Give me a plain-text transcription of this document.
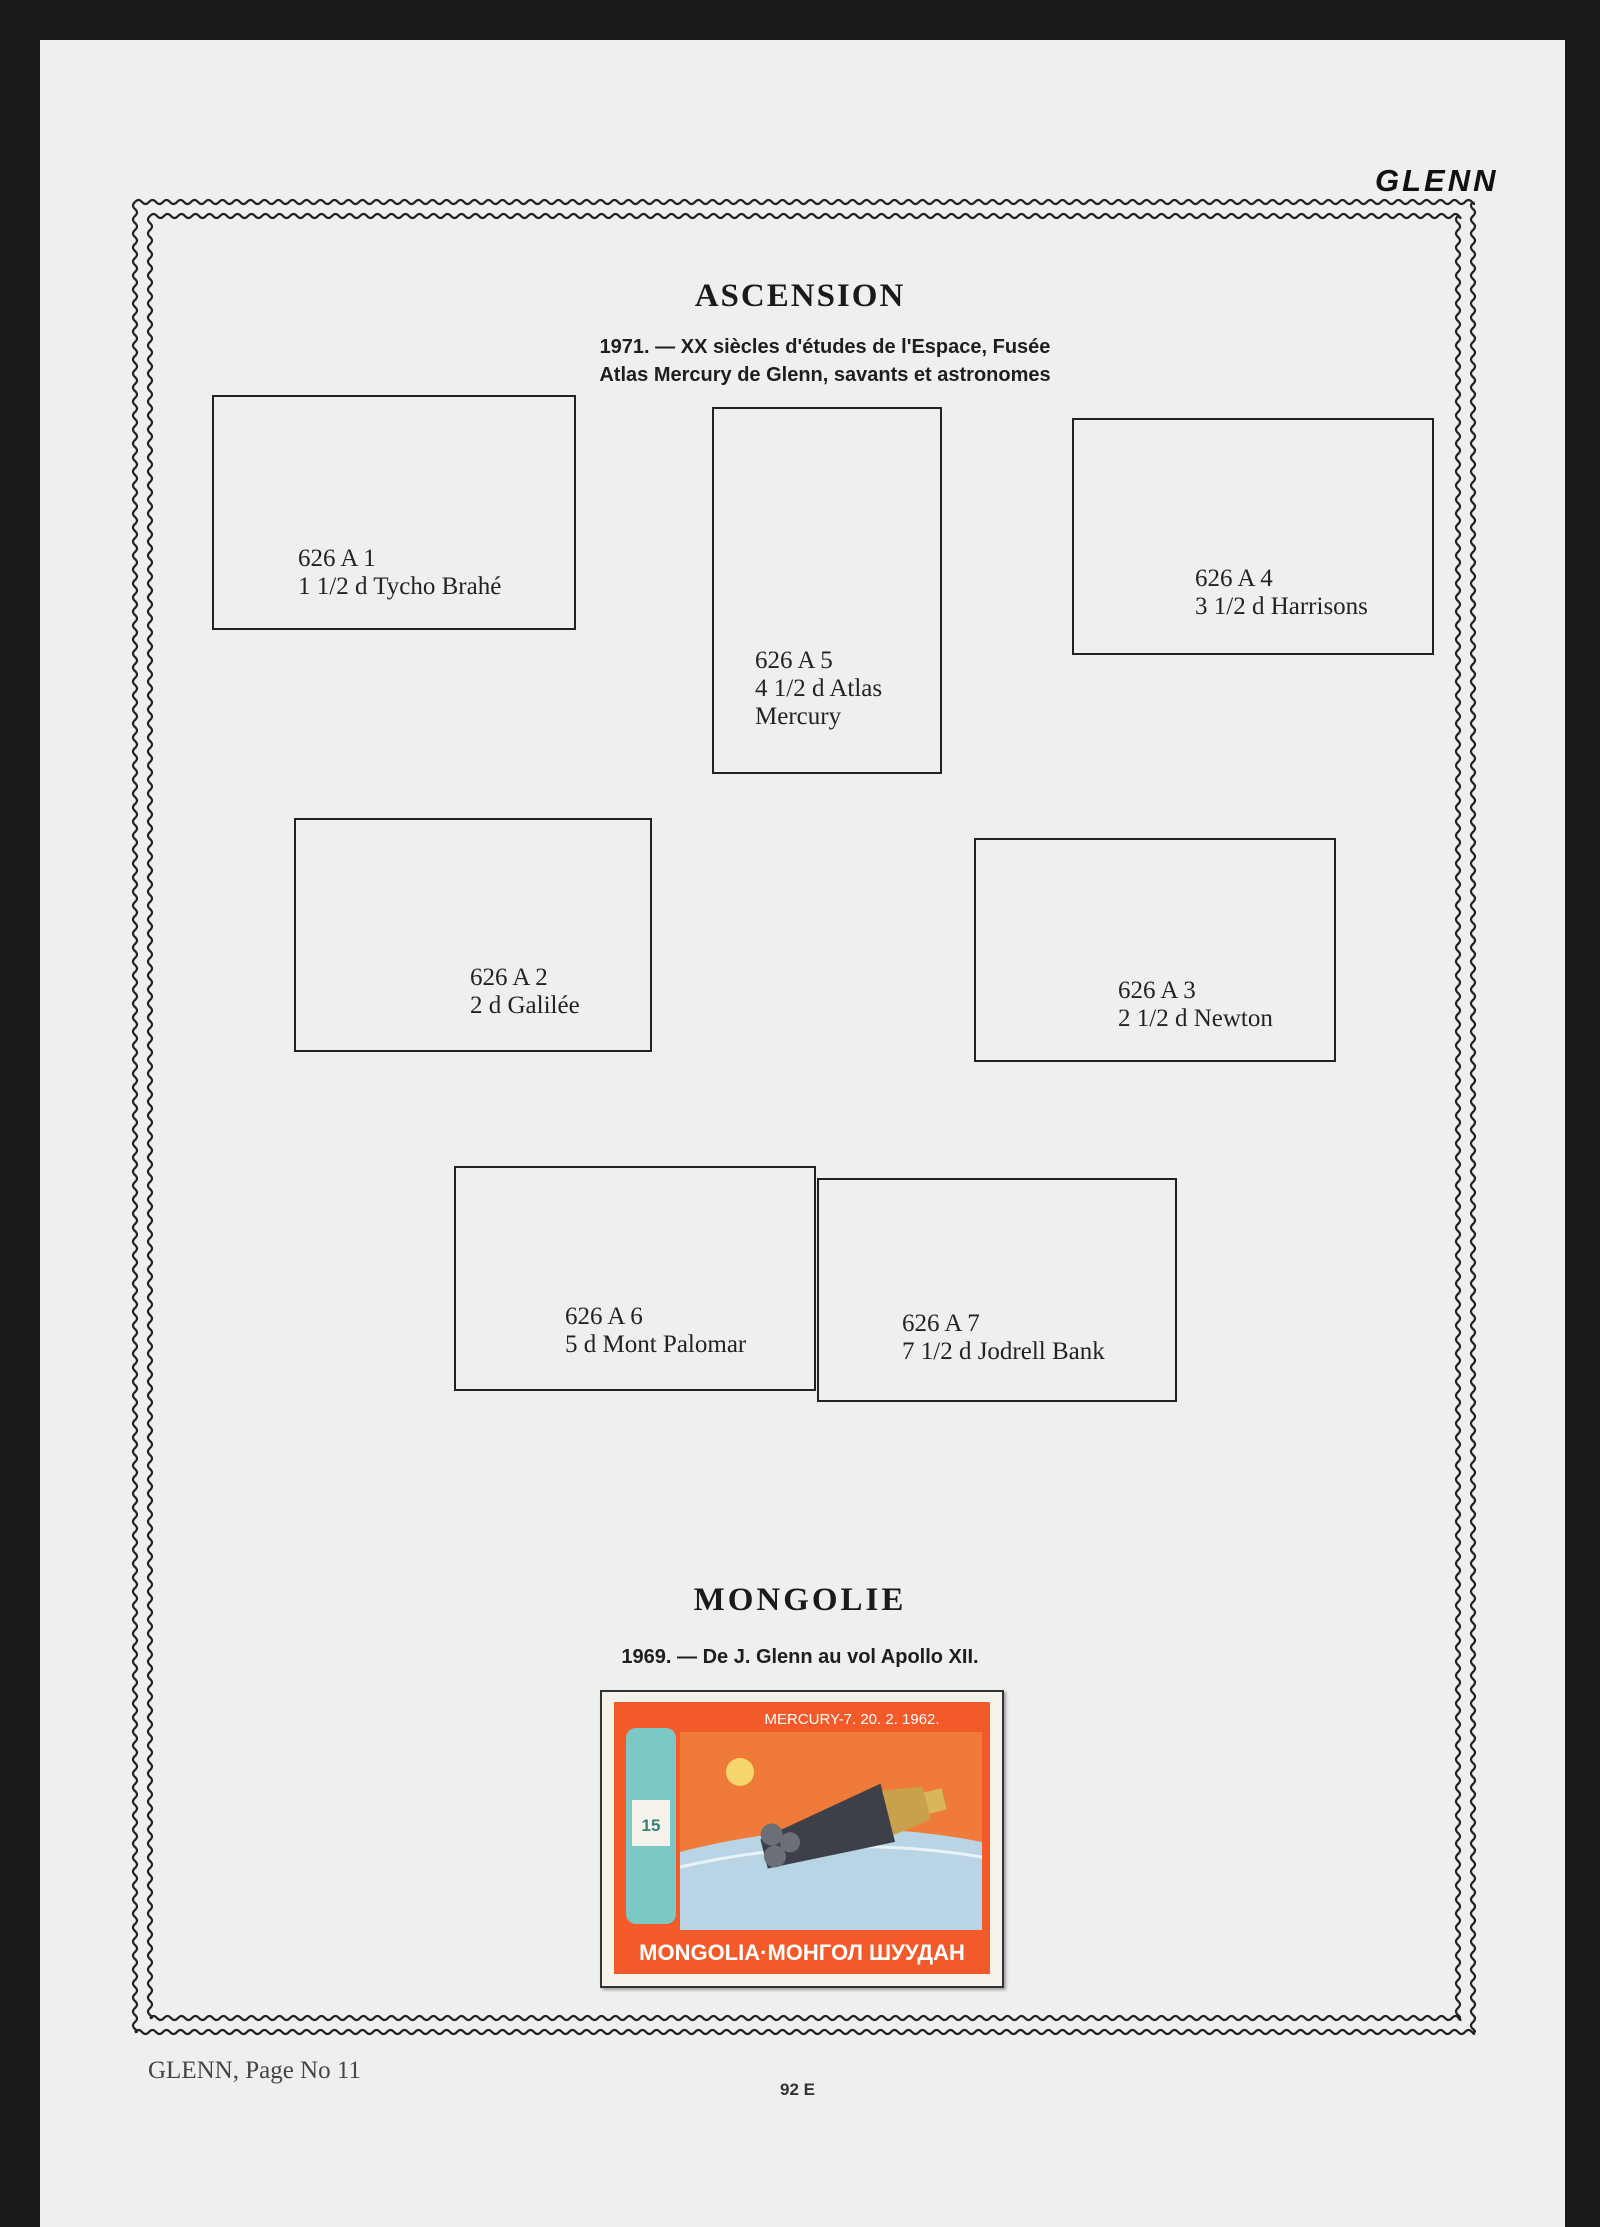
GLENN
ASCENSION
1971. — XX siècles d'études de l'Espace, Fusée
Atlas Mercury de Glenn, savants et astronomes
626 A 1
1 1/2 d Tycho Brahé
626 A 5
4 1/2 d Atlas
Mercury
626 A 4
3 1/2 d Harrisons
626 A 2
2 d Galilée
626 A 3
2 1/2 d Newton
626 A 6
5 d Mont Palomar
626 A 7
7 1/2 d Jodrell Bank
MONGOLIE
1969. — De J. Glenn au vol Apollo XII.
15
MERCURY-7. 20. 2. 1962.
MONGOLIA·МОНГОЛ ШУУДАН
GLENN, Page No 11
92 E
